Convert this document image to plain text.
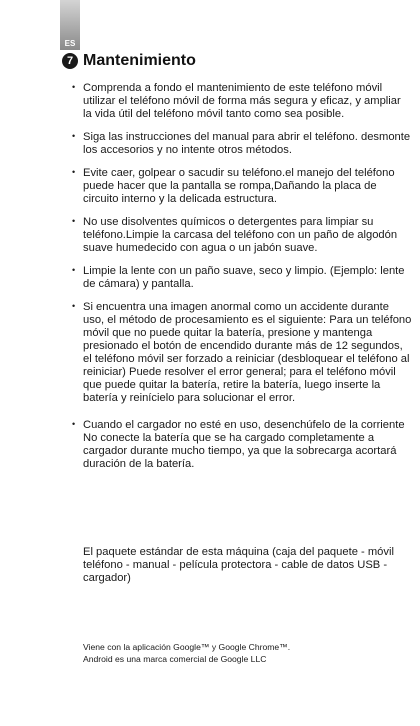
ES
7 Mantenimiento
• Comprenda a fondo el mantenimiento de este teléfono móvil utilizar el teléfono móvil de forma más segura y eficaz, y ampliar la vida útil del teléfono móvil tanto como sea posible.
• Siga las instrucciones del manual para abrir el teléfono. desmonte los accesorios y no intente otros métodos.
• Evite caer, golpear o sacudir su teléfono.el manejo del teléfono puede hacer que la pantalla se rompa,Dañando la placa de circuito interno y la delicada estructura.
• No use disolventes químicos o detergentes para limpiar su teléfono.Limpie la carcasa del teléfono con un paño de algodón suave humedecido con agua o un jabón suave.
• Limpie la lente con un paño suave, seco y limpio. (Ejemplo: lente de cámara) y pantalla.
• Si encuentra una imagen anormal como un accidente durante uso, el método de procesamiento es el siguiente: Para un teléfono móvil que no puede quitar la batería, presione y mantenga presionado el botón de encendido durante más de 12 segundos, el teléfono móvil ser forzado a reiniciar (desbloquear el teléfono al reiniciar) Puede resolver el error general; para el teléfono móvil que puede quitar la batería, retire la batería, luego inserte la batería y reinícielo para solucionar el error.
• Cuando el cargador no esté en uso, desenchúfelo de la corriente No conecte la batería que se ha cargado completamente a cargador durante mucho tiempo, ya que la sobrecarga acortará duración de la batería.
El paquete estándar de esta máquina (caja del paquete - móvil teléfono - manual - película protectora - cable de datos USB - cargador)
Viene con la aplicación Google™ y Google Chrome™.
Android es una marca comercial de Google LLC
